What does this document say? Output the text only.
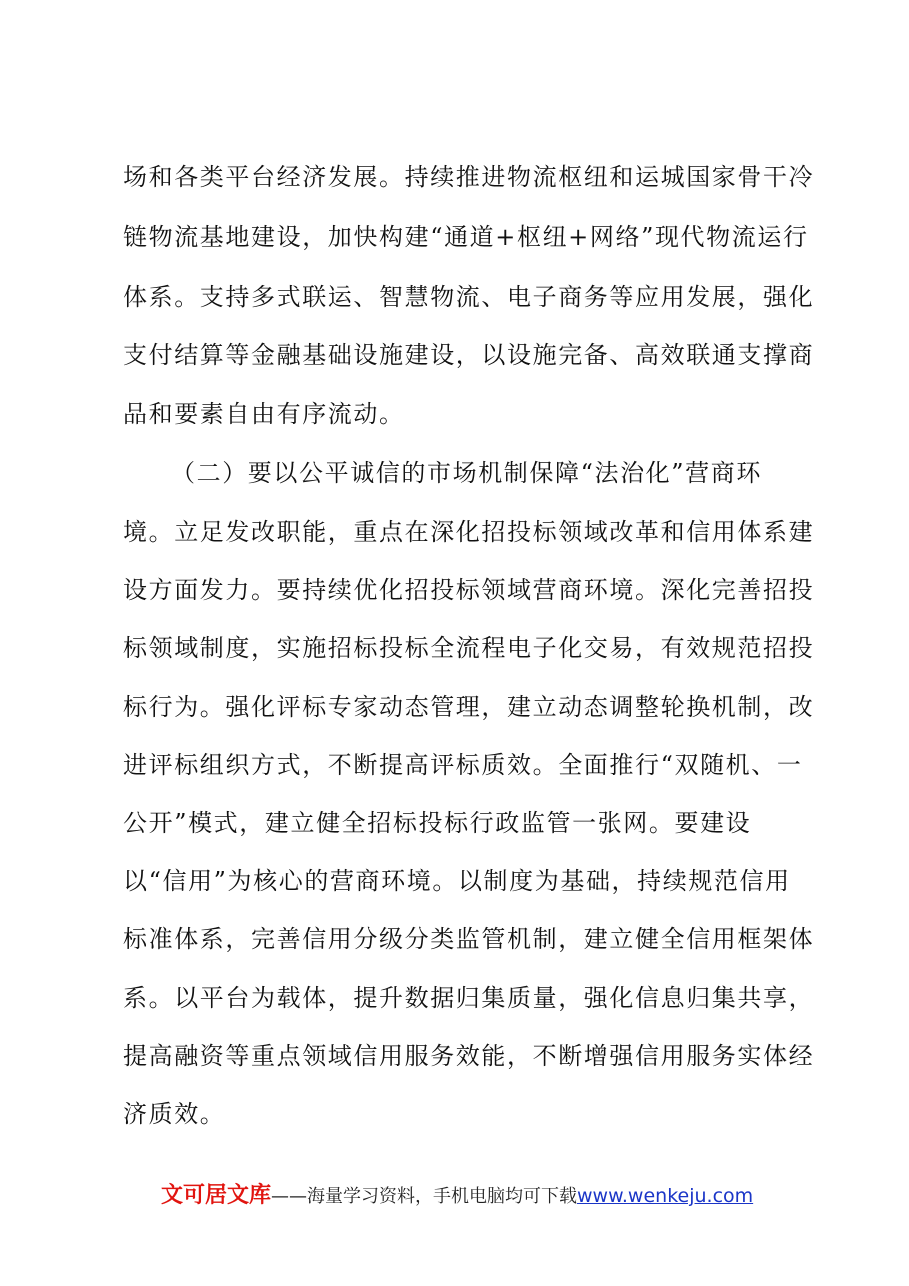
场和各类平台经济发展。持续推进物流枢纽和运城国家骨干冷
链物流基地建设，加快构建“通道+枢纽+网络”现代物流运行
体系。支持多式联运、智慧物流、电子商务等应用发展，强化
支付结算等金融基础设施建设，以设施完备、高效联通支撑商
品和要素自由有序流动。
（二）要以公平诚信的市场机制保障“法治化”营商环
境。立足发改职能，重点在深化招投标领域改革和信用体系建
设方面发力。要持续优化招投标领域营商环境。深化完善招投
标领域制度，实施招标投标全流程电子化交易，有效规范招投
标行为。强化评标专家动态管理，建立动态调整轮换机制，改
进评标组织方式，不断提高评标质效。全面推行“双随机、一
公开”模式，建立健全招标投标行政监管一张网。要建设
以“信用”为核心的营商环境。以制度为基础，持续规范信用
标准体系，完善信用分级分类监管机制，建立健全信用框架体
系。以平台为载体，提升数据归集质量，强化信息归集共享，
提高融资等重点领域信用服务效能，不断增强信用服务实体经
济质效。
文可居文库——海量学习资料，手机电脑均可下载www.wenkeju.com
